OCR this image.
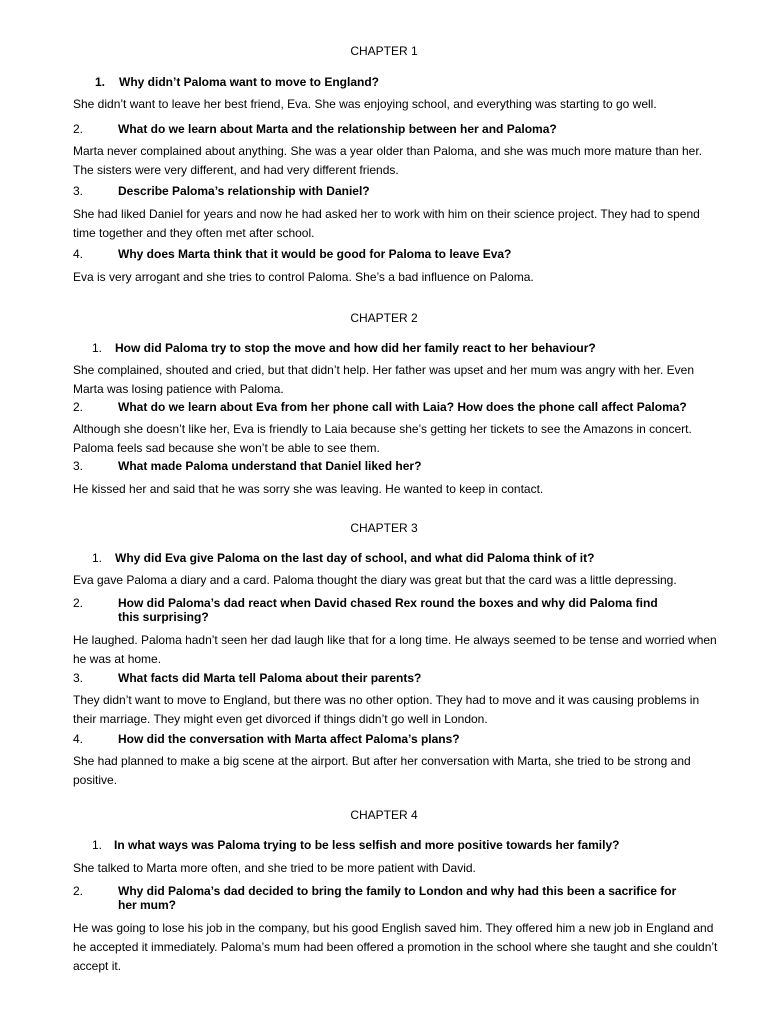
CHAPTER 1
1. Why didn’t Paloma want to move to England?
She didn’t want to leave her best friend, Eva. She was enjoying school, and everything was starting to go well.
2.	What do we learn about Marta and the relationship between her and Paloma?
Marta never complained about anything. She was a year older than Paloma, and she was much more mature than her. The sisters were very different, and had very different friends.
3.	Describe Paloma’s relationship with Daniel?
She had liked Daniel for years and now he had asked her to work with him on their science project. They had to spend time together and they often met after school.
4.	Why does Marta think that it would be good for Paloma to leave Eva?
Eva is very arrogant and she tries to control Paloma. She’s a bad influence on Paloma.
CHAPTER 2
1. How did Paloma try to stop the move and how did her family react to her behaviour?
She complained, shouted and cried, but that didn’t help. Her father was upset and her mum was angry with her. Even Marta was losing patience with Paloma.
2.	What do we learn about Eva from her phone call with Laia? How does the phone call affect Paloma?
Although she doesn’t like her, Eva is friendly to Laia because she’s getting her tickets to see the Amazons in concert. Paloma feels sad because she won’t be able to see them.
3.	What made Paloma understand that Daniel liked her?
He kissed her and said that he was sorry she was leaving. He wanted to keep in contact.
CHAPTER 3
1. Why did Eva give Paloma on the last day of school, and what did Paloma think of it?
Eva gave Paloma a diary and a card. Paloma thought the diary was great but that the card was a little depressing.
2.	How did Paloma’s dad react when David chased Rex round the boxes and why did Paloma find this surprising?
He laughed. Paloma hadn’t seen her dad laugh like that for a long time. He always seemed to be tense and worried when he was at home.
3.	What facts did Marta tell Paloma about their parents?
They didn’t want to move to England, but there was no other option. They had to move and it was causing problems in their marriage. They might even get divorced if things didn’t go well in London.
4.	How did the conversation with Marta affect Paloma’s plans?
She had planned to make a big scene at the airport. But after her conversation with Marta, she tried to be strong and positive.
CHAPTER 4
1. In what ways was Paloma trying to be less selfish and more positive towards her family?
She talked to Marta more often, and she tried to be more patient with David.
2.	Why did Paloma’s dad decided to bring the family to London and why had this been a sacrifice for her mum?
He was going to lose his job in the company, but his good English saved him. They offered him a new job in England and he accepted it immediately. Paloma’s mum had been offered a promotion in the school where she taught and she couldn’t accept it.
